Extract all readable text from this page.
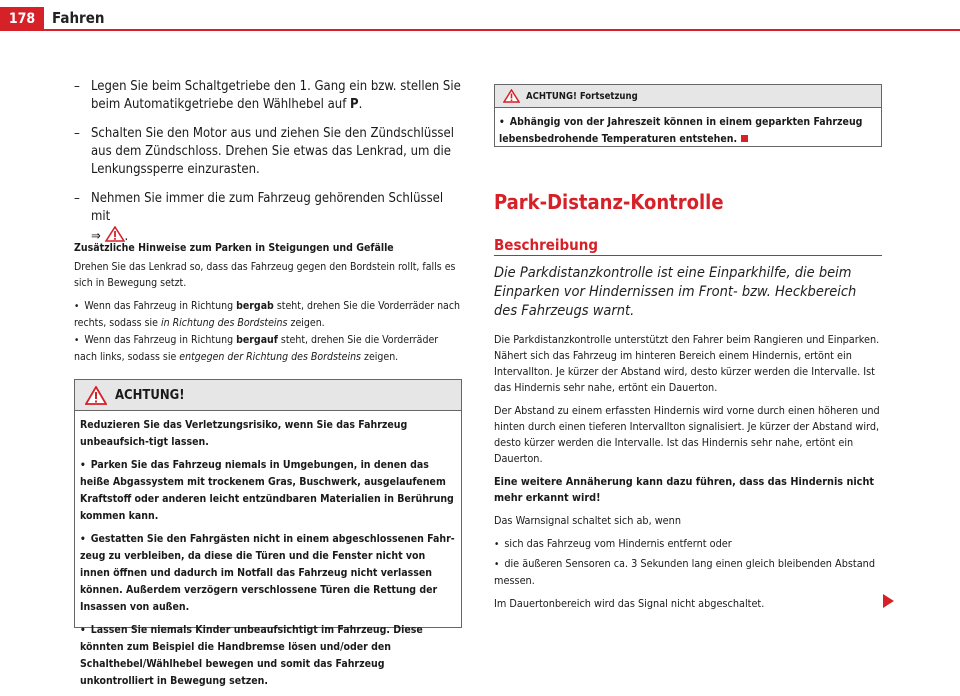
178	Fahren
– Legen Sie beim Schaltgetriebe den 1. Gang ein bzw. stellen Sie beim Automatikgetriebe den Wählhebel auf P.
– Schalten Sie den Motor aus und ziehen Sie den Zündschlüssel aus dem Zündschloss. Drehen Sie etwas das Lenkrad, um die Lenkungssperre einzurasten.
– Nehmen Sie immer die zum Fahrzeug gehörenden Schlüssel mit
⇒ .
Zusätzliche Hinweise zum Parken in Steigungen und Gefälle
Drehen Sie das Lenkrad so, dass das Fahrzeug gegen den Bordstein rollt, falls es sich in Bewegung setzt.
• Wenn das Fahrzeug in Richtung bergab steht, drehen Sie die Vorderräder nach rechts, sodass sie in Richtung des Bordsteins zeigen.
• Wenn das Fahrzeug in Richtung bergauf steht, drehen Sie die Vorderräder nach links, sodass sie entgegen der Richtung des Bordsteins zeigen.
ACHTUNG!

Reduzieren Sie das Verletzungsrisiko, wenn Sie das Fahrzeug unbeaufsich-tigt lassen.

• Parken Sie das Fahrzeug niemals in Umgebungen, in denen das heiße Abgassystem mit trockenem Gras, Buschwerk, ausgelaufenem Kraftstoff oder anderen leicht entzündbaren Materialien in Berührung kommen kann.

• Gestatten Sie den Fahrgästen nicht in einem abgeschlossenen Fahr-zeug zu verbleiben, da diese die Türen und die Fenster nicht von innen öffnen und dadurch im Notfall das Fahrzeug nicht verlassen können. Außerdem verzögern verschlossene Türen die Rettung der Insassen von außen.

• Lassen Sie niemals Kinder unbeaufsichtigt im Fahrzeug. Diese könnten zum Beispiel die Handbremse lösen und/oder den Schalthebel/Wählhebel bewegen und somit das Fahrzeug unkontrolliert in Bewegung setzen.

ACHTUNG! Fortsetzung
• Abhängig von der Jahreszeit können in einem geparkten Fahrzeug lebensbedrohende Temperaturen entstehen.
Park-Distanz-Kontrolle
Beschreibung
Die Parkdistanzkontrolle ist eine Einparkhilfe, die beim Einparken vor Hindernissen im Front- bzw. Heckbereich des Fahrzeugs warnt.

Die Parkdistanzkontrolle unterstützt den Fahrer beim Rangieren und Einparken. Nähert sich das Fahrzeug im hinteren Bereich einem Hindernis, ertönt ein Intervallton. Je kürzer der Abstand wird, desto kürzer werden die Intervalle. Ist das Hindernis sehr nahe, ertönt ein Dauerton.

Der Abstand zu einem erfassten Hindernis wird vorne durch einen höheren und hinten durch einen tieferen Intervallton signalisiert. Je kürzer der Abstand wird, desto kürzer werden die Intervalle. Ist das Hindernis sehr nahe, ertönt ein Dauerton.

Eine weitere Annäherung kann dazu führen, dass das Hindernis nicht mehr erkannt wird!

Das Warnsignal schaltet sich ab, wenn

• sich das Fahrzeug vom Hindernis entfernt oder

• die äußeren Sensoren ca. 3 Sekunden lang einen gleich bleibenden Abstand messen.

Im Dauertonbereich wird das Signal nicht abgeschaltet.
